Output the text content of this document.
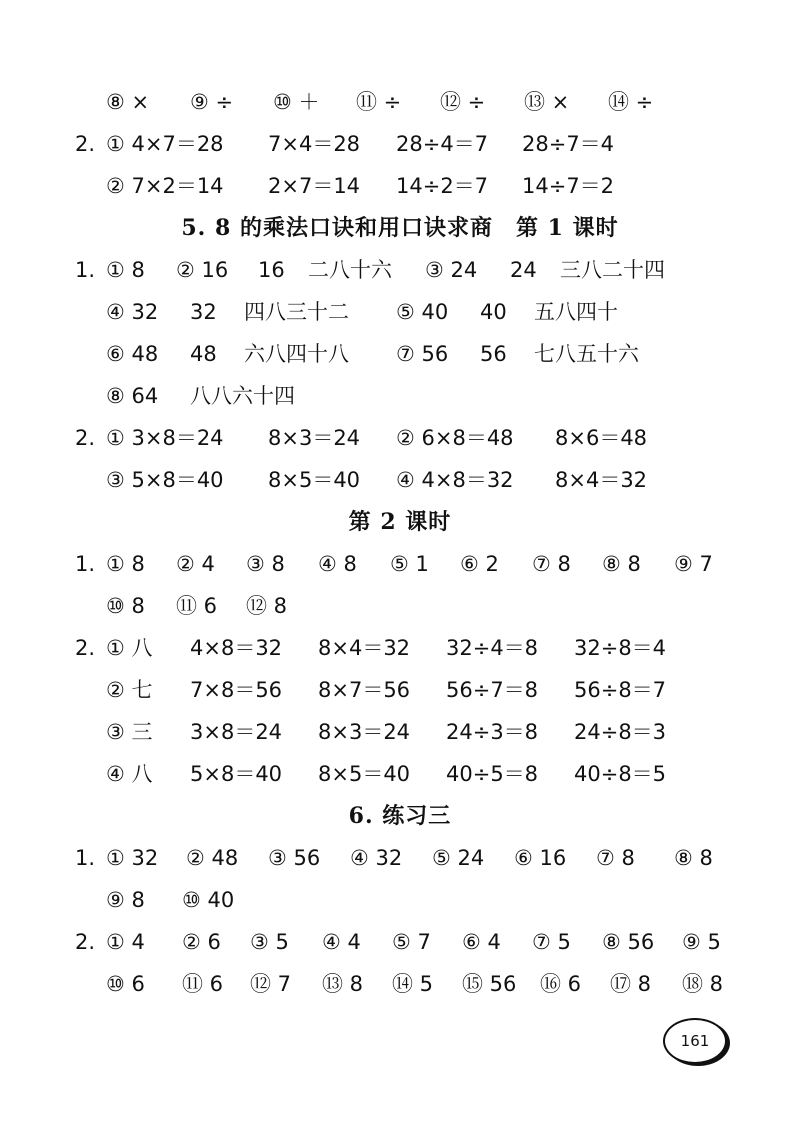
⑧ × ⑨ ÷ ⑩ ＋ ⑪ ÷ ⑫ ÷ ⑬ × ⑭ ÷
2. ① 4×7＝28 7×4＝28 28÷4＝7 28÷7＝4
② 7×2＝14 2×7＝14 14÷2＝7 14÷7＝2
5. 8 的乘法口诀和用口诀求商　第 1 课时
1. ① 8 ② 16 16 二八十六 ③ 24 24 三八二十四
④ 32 32 四八三十二 ⑤ 40 40 五八四十
⑥ 48 48 六八四十八 ⑦ 56 56 七八五十六
⑧ 64 八八六十四
2. ① 3×8＝24 8×3＝24 ② 6×8＝48 8×6＝48
③ 5×8＝40 8×5＝40 ④ 4×8＝32 8×4＝32
第 2 课时
1. ① 8 ② 4 ③ 8 ④ 8 ⑤ 1 ⑥ 2 ⑦ 8 ⑧ 8 ⑨ 7
⑩ 8 ⑪ 6 ⑫ 8
2. ① 八 4×8＝32 8×4＝32 32÷4＝8 32÷8＝4
② 七 7×8＝56 8×7＝56 56÷7＝8 56÷8＝7
③ 三 3×8＝24 8×3＝24 24÷3＝8 24÷8＝3
④ 八 5×8＝40 8×5＝40 40÷5＝8 40÷8＝5
6. 练习三
1. ① 32 ② 48 ③ 56 ④ 32 ⑤ 24 ⑥ 16 ⑦ 8 ⑧ 8
⑨ 8 ⑩ 40
2. ① 4 ② 6 ③ 5 ④ 4 ⑤ 7 ⑥ 4 ⑦ 5 ⑧ 56 ⑨ 5
⑩ 6 ⑪ 6 ⑫ 7 ⑬ 8 ⑭ 5 ⑮ 56 ⑯ 6 ⑰ 8 ⑱ 8
161
